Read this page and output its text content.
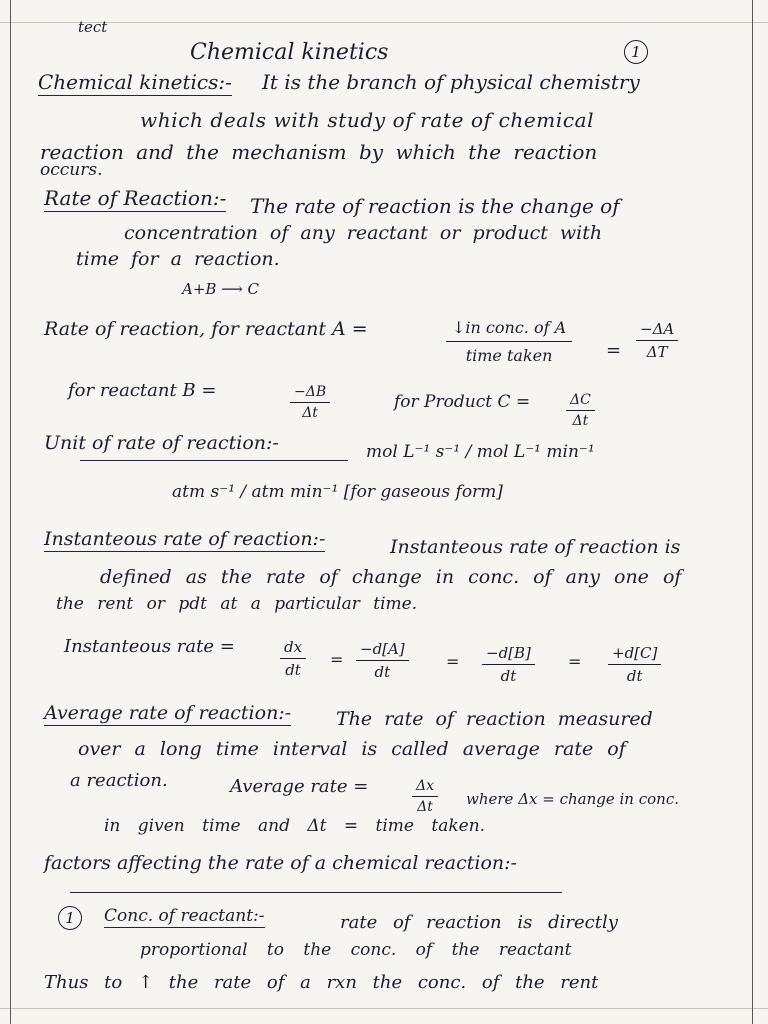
tect
Chemical kinetics	1
Chemical kinetics:- It is the branch of physical chemistry
which deals with study of rate of chemical
reaction and the mechanism by which the reaction
occurs.
Rate of Reaction:- The rate of reaction is the change of
concentration of any reactant or product with
time for a reaction.
A+B ⟶ C
Rate of reaction, for reactant A =	↓in conc. of A
time taken	= $\frac{-\Delta A}{\Delta T}$
for reactant B =	$\frac{-\Delta B}{\Delta t}$	for Product C =	$\frac{\Delta C}{\Delta t}$
Unit of rate of reaction:-	mol L⁻¹ s⁻¹ / mol L⁻¹ min⁻¹
atm s⁻¹ / atm min⁻¹ [for gaseous form]
Instanteous rate of reaction:-	Instanteous rate of reaction is
defined as the rate of change in conc. of any one of
the rent or pdt at a particular time.
Instanteous rate =	$\frac{dx}{dt} = \frac{-d[A]}{dt} = \frac{-d[B]}{dt} = \frac{+d[C]}{dt}$
Average rate of reaction:- The rate of reaction measured
over a long time interval is called average rate of
a reaction.	Average rate =	$\frac{\Delta x}{\Delta t}$ where Δx = change in conc.
in given time and Δt = time taken.
factors affecting the rate of a chemical reaction:-
1	Conc. of reactant:-	rate of reaction is directly
proportional to the conc. of the reactant
Thus to ↑ the rate of a rxn the conc. of the rent
